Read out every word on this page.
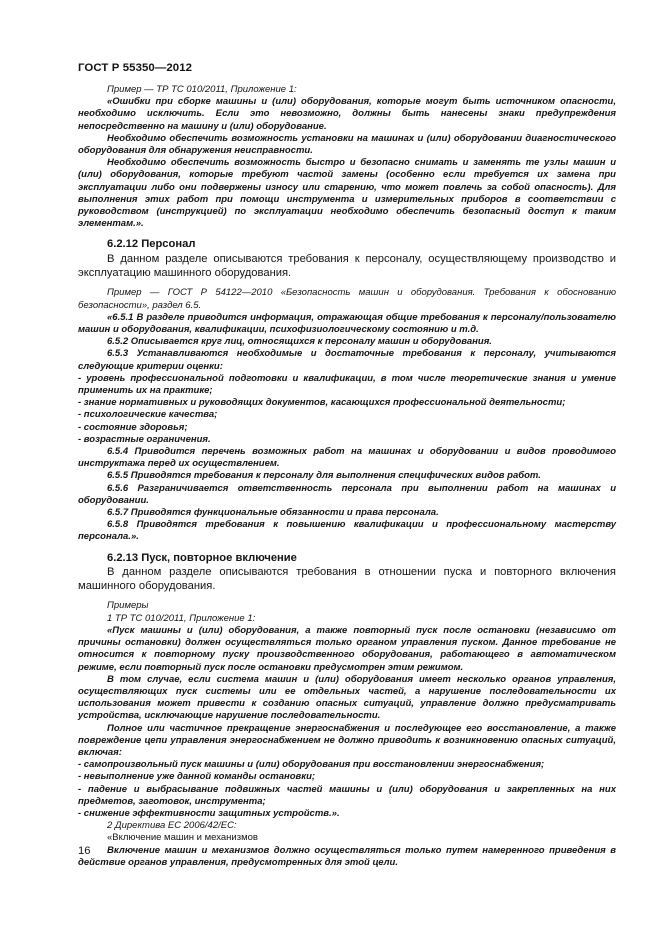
ГОСТ Р 55350—2012

Пример — ТР ТС 010/2011, Приложение 1:

«Ошибки при сборке машины и (или) оборудования, которые могут быть источником опасности, необходимо исключить. Если это невозможно, должны быть нанесены знаки предупреждения непосредственно на машину и (или) оборудование.

Необходимо обеспечить возможность установки на машинах и (или) оборудовании диагностического оборудования для обнаружения неисправности.

Необходимо обеспечить возможность быстро и безопасно снимать и заменять те узлы машин и (или) оборудования, которые требуют частой замены (особенно если требуется их замена при эксплуатации либо они подвержены износу или старению, что может повлечь за собой опасность). Для выполнения этих работ при помощи инструмента и измерительных приборов в соответствии с руководством (инструкцией) по эксплуатации необходимо обеспечить безопасный доступ к таким элементам.».

6.2.12 Персонал

В данном разделе описываются требования к персоналу, осуществляющему производство и эксплуатацию машинного оборудования.

Пример — ГОСТ Р 54122—2010 «Безопасность машин и оборудования. Требования к обоснованию безопасности», раздел 6.5.

«6.5.1 В разделе приводится информация, отражающая общие требования к персоналу/пользователю машин и оборудования, квалификации, психофизиологическому состоянию и т.д.

6.5.2 Описывается круг лиц, относящихся к персоналу машин и оборудования.

6.5.3 Устанавливаются необходимые и достаточные требования к персоналу, учитываются следующие критерии оценки:

- уровень профессиональной подготовки и квалификации, в том числе теоретические знания и умение применить их на практике;

- знание нормативных и руководящих документов, касающихся профессиональной деятельности;

- психологические качества;

- состояние здоровья;

- возрастные ограничения.

6.5.4 Приводится перечень возможных работ на машинах и оборудовании и видов проводимого инструктажа перед их осуществлением.

6.5.5 Приводятся требования к персоналу для выполнения специфических видов работ.

6.5.6 Разграничивается ответственность персонала при выполнении работ на машинах и оборудовании.

6.5.7 Приводятся функциональные обязанности и права персонала.

6.5.8 Приводятся требования к повышению квалификации и профессиональному мастерству персонала.».

6.2.13 Пуск, повторное включение

В данном разделе описываются требования в отношении пуска и повторного включения машинного оборудования.

Примеры

1 ТР ТС 010/2011, Приложение 1:

«Пуск машины и (или) оборудования, а также повторный пуск после остановки (независимо от причины остановки) должен осуществляться только органом управления пуском. Данное требование не относится к повторному пуску производственного оборудования, работающего в автоматическом режиме, если повторный пуск после остановки предусмотрен этим режимом.

В том случае, если система машин и (или) оборудования имеет несколько органов управления, осуществляющих пуск системы или ее отдельных частей, а нарушение последовательности их использования может привести к созданию опасных ситуаций, управление должно предусматривать устройства, исключающие нарушение последовательности.

Полное или частичное прекращение энергоснабжения и последующее его восстановление, а также повреждение цепи управления энергоснабжением не должно приводить к возникновению опасных ситуаций, включая:

- самопроизвольный пуск машины и (или) оборудования при восстановлении энергоснабжения;

- невыполнение уже данной команды остановки;

- падение и выбрасывание подвижных частей машины и (или) оборудования и закрепленных на них предметов, заготовок, инструмента;

- снижение эффективности защитных устройств.».

2 Директива ЕС 2006/42/ЕС:

«Включение машин и механизмов

Включение машин и механизмов должно осуществляться только путем намеренного приведения в действие органов управления, предусмотренных для этой цели.

16
